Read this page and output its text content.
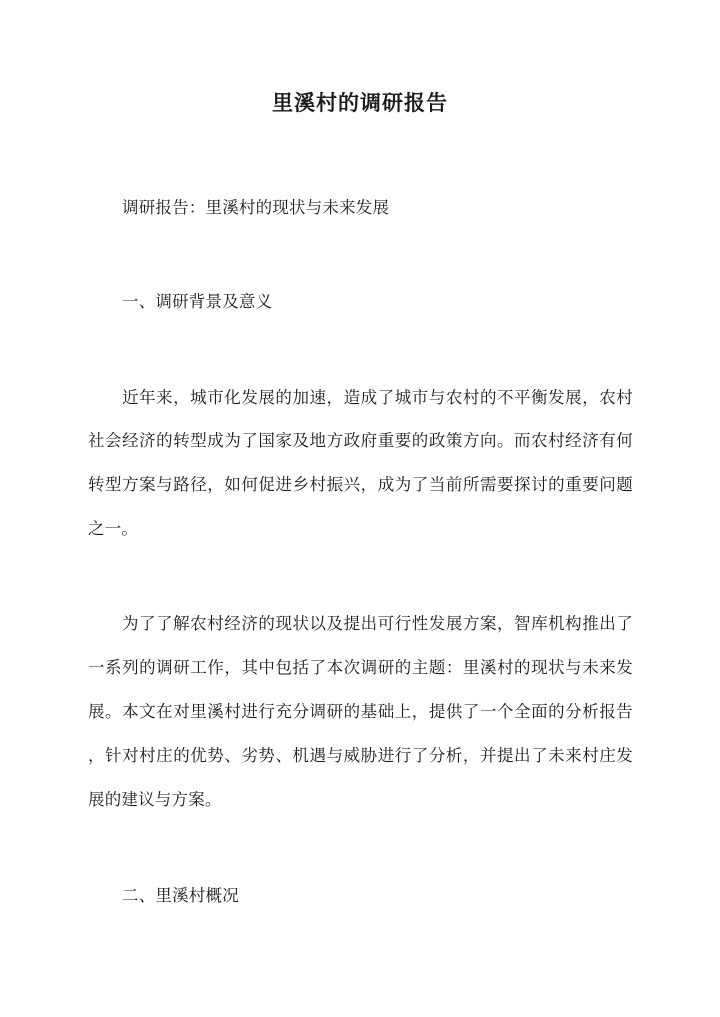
里溪村的调研报告
调研报告：里溪村的现状与未来发展
一、调研背景及意义
近年来，城市化发展的加速，造成了城市与农村的不平衡发展，农村
社会经济的转型成为了国家及地方政府重要的政策方向。而农村经济有何
转型方案与路径，如何促进乡村振兴，成为了当前所需要探讨的重要问题
之一。
为了了解农村经济的现状以及提出可行性发展方案，智库机构推出了
一系列的调研工作，其中包括了本次调研的主题：里溪村的现状与未来发
展。本文在对里溪村进行充分调研的基础上，提供了一个全面的分析报告
，针对村庄的优势、劣势、机遇与威胁进行了分析，并提出了未来村庄发
展的建议与方案。
二、里溪村概况
